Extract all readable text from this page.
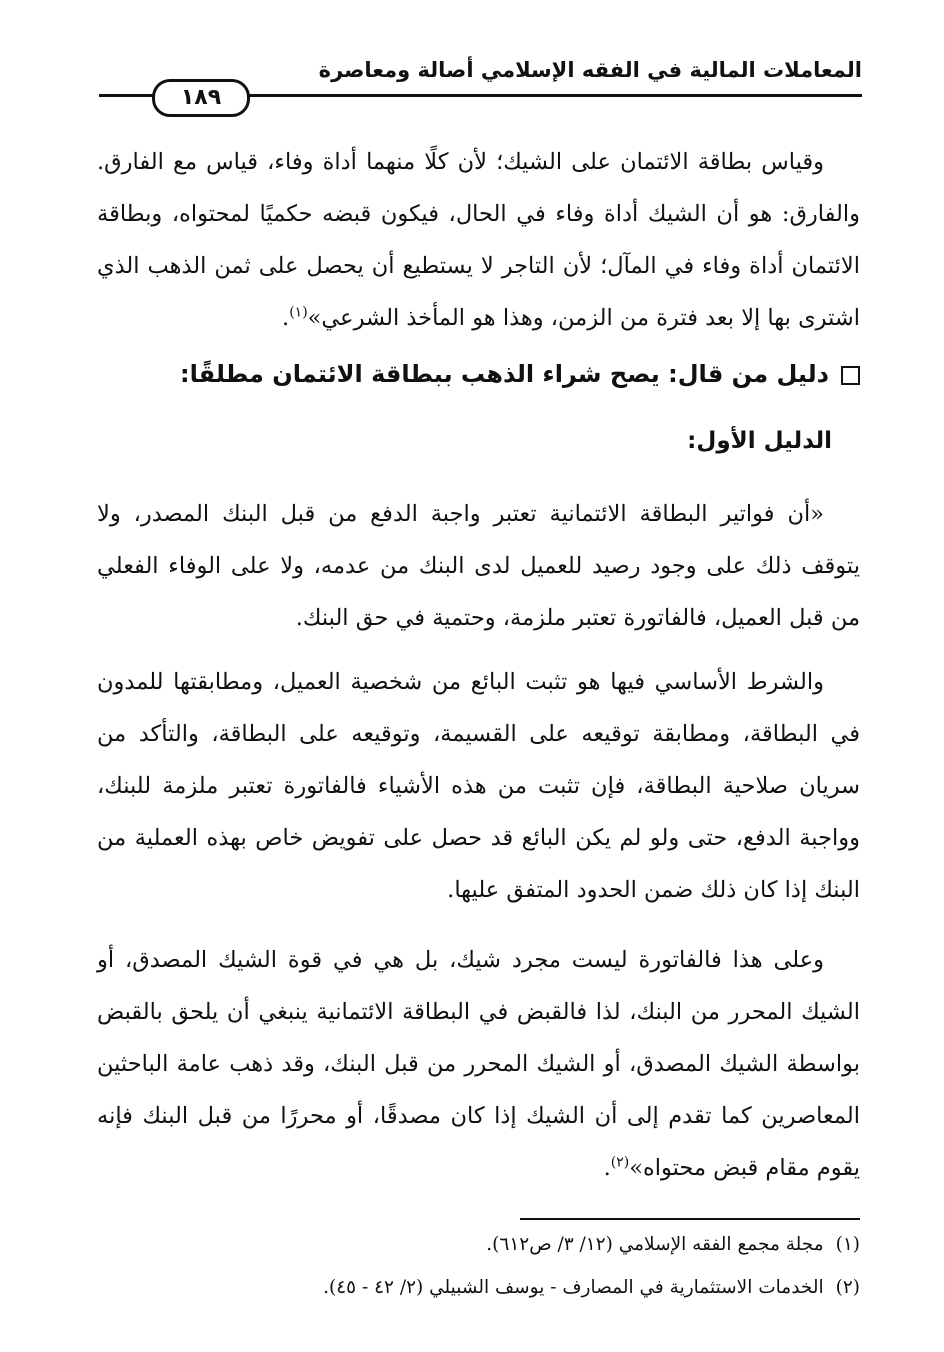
المعاملات المالية في الفقه الإسلامي أصالة ومعاصرة
١٨٩

وقياس بطاقة الائتمان على الشيك؛ لأن كلًا منهما أداة وفاء، قياس مع الفارق. والفارق: هو أن الشيك أداة وفاء في الحال، فيكون قبضه حكميًا لمحتواه، وبطاقة الائتمان أداة وفاء في المآل؛ لأن التاجر لا يستطيع أن يحصل على ثمن الذهب الذي اشترى بها إلا بعد فترة من الزمن، وهذا هو المأخذ الشرعي»$^{(١)}$.

دليل من قال: يصح شراء الذهب ببطاقة الائتمان مطلقًا:
الدليل الأول:

«أن فواتير البطاقة الائتمانية تعتبر واجبة الدفع من قبل البنك المصدر، ولا يتوقف ذلك على وجود رصيد للعميل لدى البنك من عدمه، ولا على الوفاء الفعلي من قبل العميل، فالفاتورة تعتبر ملزمة، وحتمية في حق البنك.

والشرط الأساسي فيها هو تثبت البائع من شخصية العميل، ومطابقتها للمدون في البطاقة، ومطابقة توقيعه على القسيمة، وتوقيعه على البطاقة، والتأكد من سريان صلاحية البطاقة، فإن تثبت من هذه الأشياء فالفاتورة تعتبر ملزمة للبنك، وواجبة الدفع، حتى ولو لم يكن البائع قد حصل على تفويض خاص بهذه العملية من البنك إذا كان ذلك ضمن الحدود المتفق عليها.

وعلى هذا فالفاتورة ليست مجرد شيك، بل هي في قوة الشيك المصدق، أو الشيك المحرر من البنك، لذا فالقبض في البطاقة الائتمانية ينبغي أن يلحق بالقبض بواسطة الشيك المصدق، أو الشيك المحرر من قبل البنك، وقد ذهب عامة الباحثين المعاصرين كما تقدم إلى أن الشيك إذا كان مصدقًا، أو محررًا من قبل البنك فإنه يقوم مقام قبض محتواه»$^{(٢)}$.

(١)مجلة مجمع الفقه الإسلامي (١٢/ ٣/ ص٦١٢).
(٢)الخدمات الاستثمارية في المصارف - يوسف الشبيلي (٢/ ٤٢ - ٤٥).
